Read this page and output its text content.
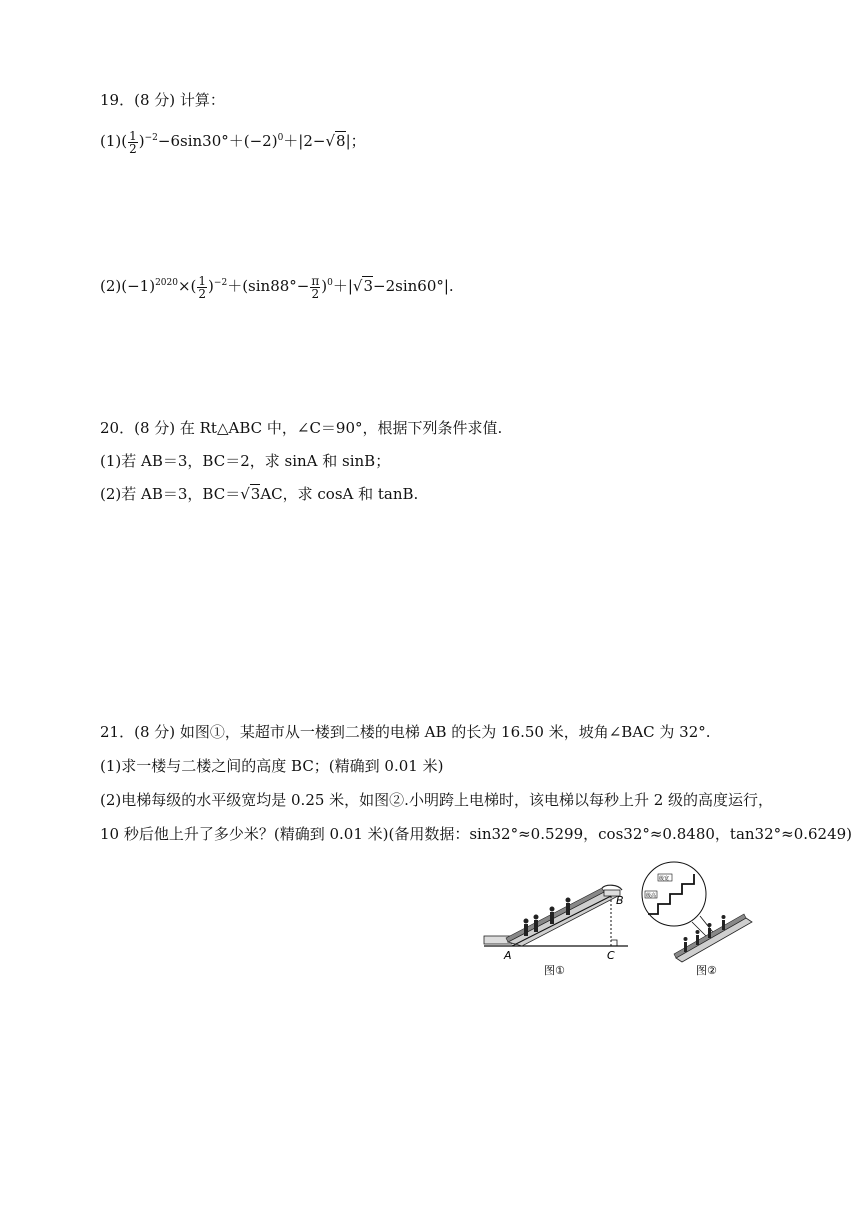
19．(8 分) 计算：
$(1)( \frac{1}{2} )^{-2}-6\sin 30^\circ+(-2)^0+|2-√8|$；
$(2)(-1)^{2020}\times( \frac{1}{2} )^{-2}+(\sin 88^\circ- \frac{\pi}{2} )^0+|√3-2\sin 60^\circ|$.
20．(8 分) 在 Rt△ABC 中，∠C＝90°，根据下列条件求值.
(1)若 AB＝3，BC＝2，求 sinA 和 sinB；
(2)若 AB＝3，BC＝√3AC，求 cosA 和 tanB.
21．(8 分) 如图①，某超市从一楼到二楼的电梯 AB 的长为 16.50 米，坡角∠BAC 为 32°.
(1)求一楼与二楼之间的高度 BC；(精确到 0.01 米)
(2)电梯每级的水平级宽均是 0.25 米，如图②.小明跨上电梯时，该电梯以每秒上升 2 级的高度运行，
10 秒后他上升了多少米？(精确到 0.01 米)(备用数据：sin32°≈0.5299，cos32°≈0.8480，tan32°≈0.6249)
A	C
B
图①
级宽
级高
图②
